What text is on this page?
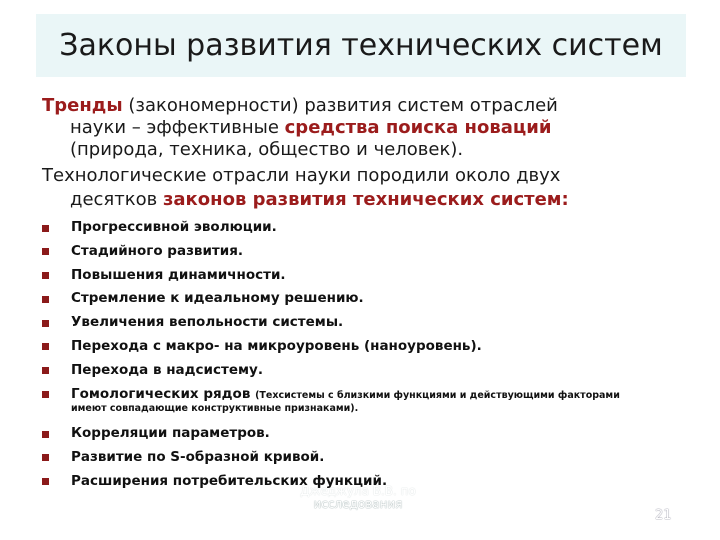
Законы развития технических систем
Тренды (закономерности) развития систем отраслей
науки – эффективные средства поиска новаций
(природа, техника, общество и человек).
Технологические отрасли науки породили около двух
десятков законов развития технических систем:
Прогрессивной эволюции.
Стадийного развития.
Повышения динамичности.
Стремление к идеальному решению.
Увеличения вепольности системы.
Перехода с макро- на микроуровень (наноуровень).
Перехода в надсистему.
Гомологических рядов (Техсистемы с близкими функциями и действующими факторами
имеют совпадающие конструктивные признаками).
Корреляции параметров.
Развитие по S-образной кривой.
Расширения потребительских функций.
Джеджула В.В. по
исследования
21
